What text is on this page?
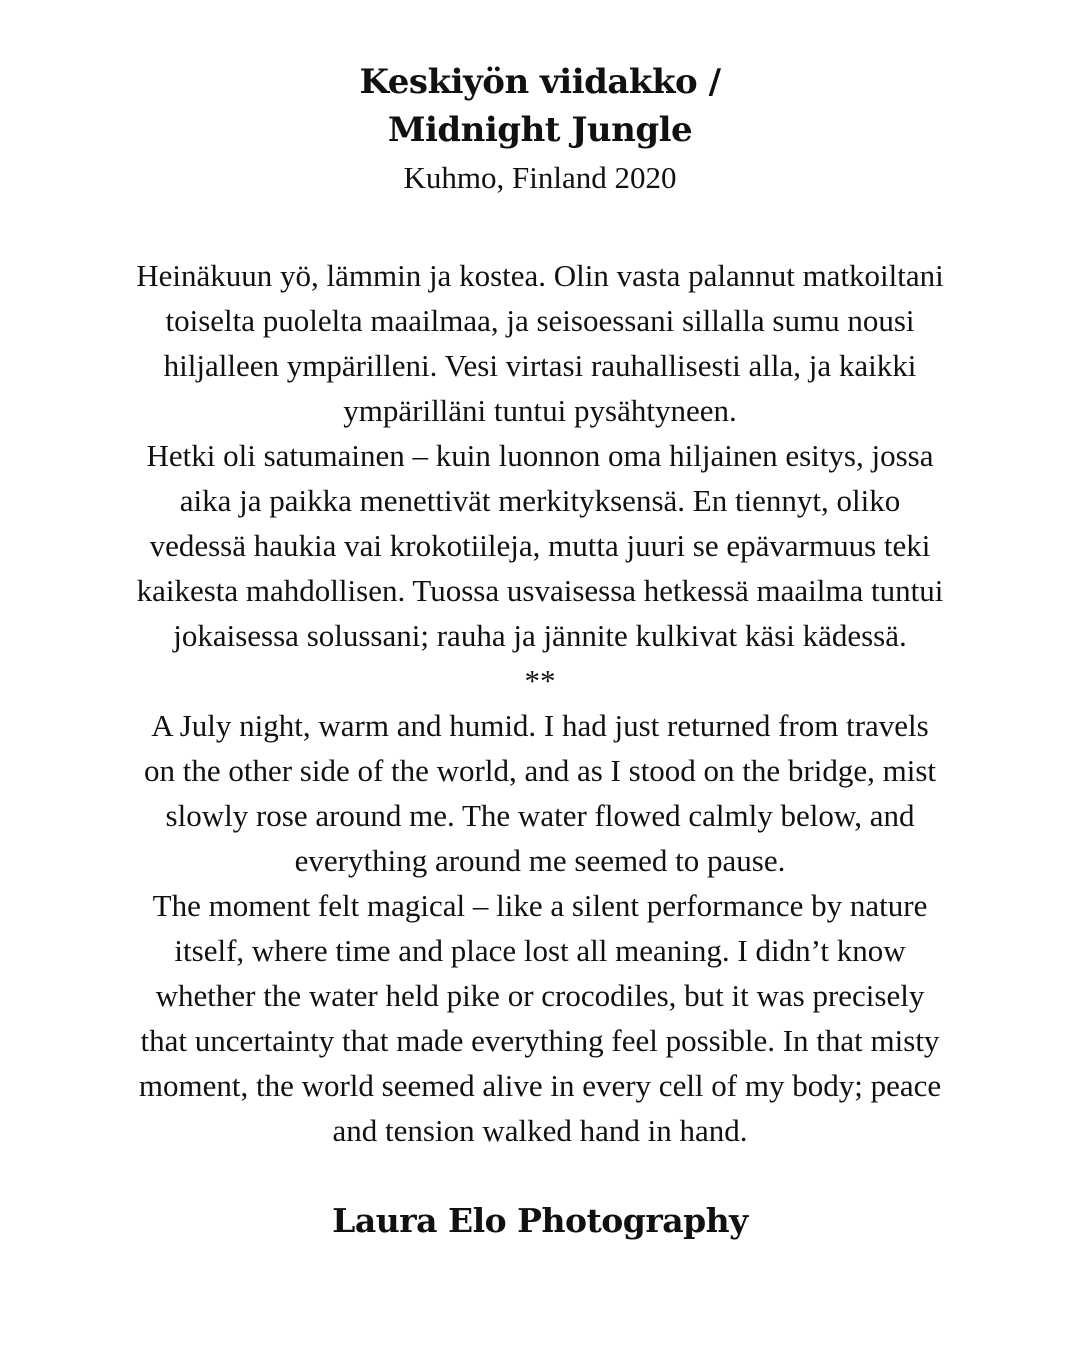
Keskiyön viidakko /
Midnight Jungle
Kuhmo, Finland 2020
Heinäkuun yö, lämmin ja kostea. Olin vasta palannut matkoiltani
toiselta puolelta maailmaa, ja seisoessani sillalla sumu nousi
hiljalleen ympärilleni. Vesi virtasi rauhallisesti alla, ja kaikki
ympärilläni tuntui pysähtyneen.
Hetki oli satumainen – kuin luonnon oma hiljainen esitys, jossa
aika ja paikka menettivät merkityksensä. En tiennyt, oliko
vedessä haukia vai krokotiileja, mutta juuri se epävarmuus teki
kaikesta mahdollisen. Tuossa usvaisessa hetkessä maailma tuntui
jokaisessa solussani; rauha ja jännite kulkivat käsi kädessä.
**
A July night, warm and humid. I had just returned from travels
on the other side of the world, and as I stood on the bridge, mist
slowly rose around me. The water flowed calmly below, and
everything around me seemed to pause.
The moment felt magical – like a silent performance by nature
itself, where time and place lost all meaning. I didn’t know
whether the water held pike or crocodiles, but it was precisely
that uncertainty that made everything feel possible. In that misty
moment, the world seemed alive in every cell of my body; peace
and tension walked hand in hand.
Laura Elo Photography
